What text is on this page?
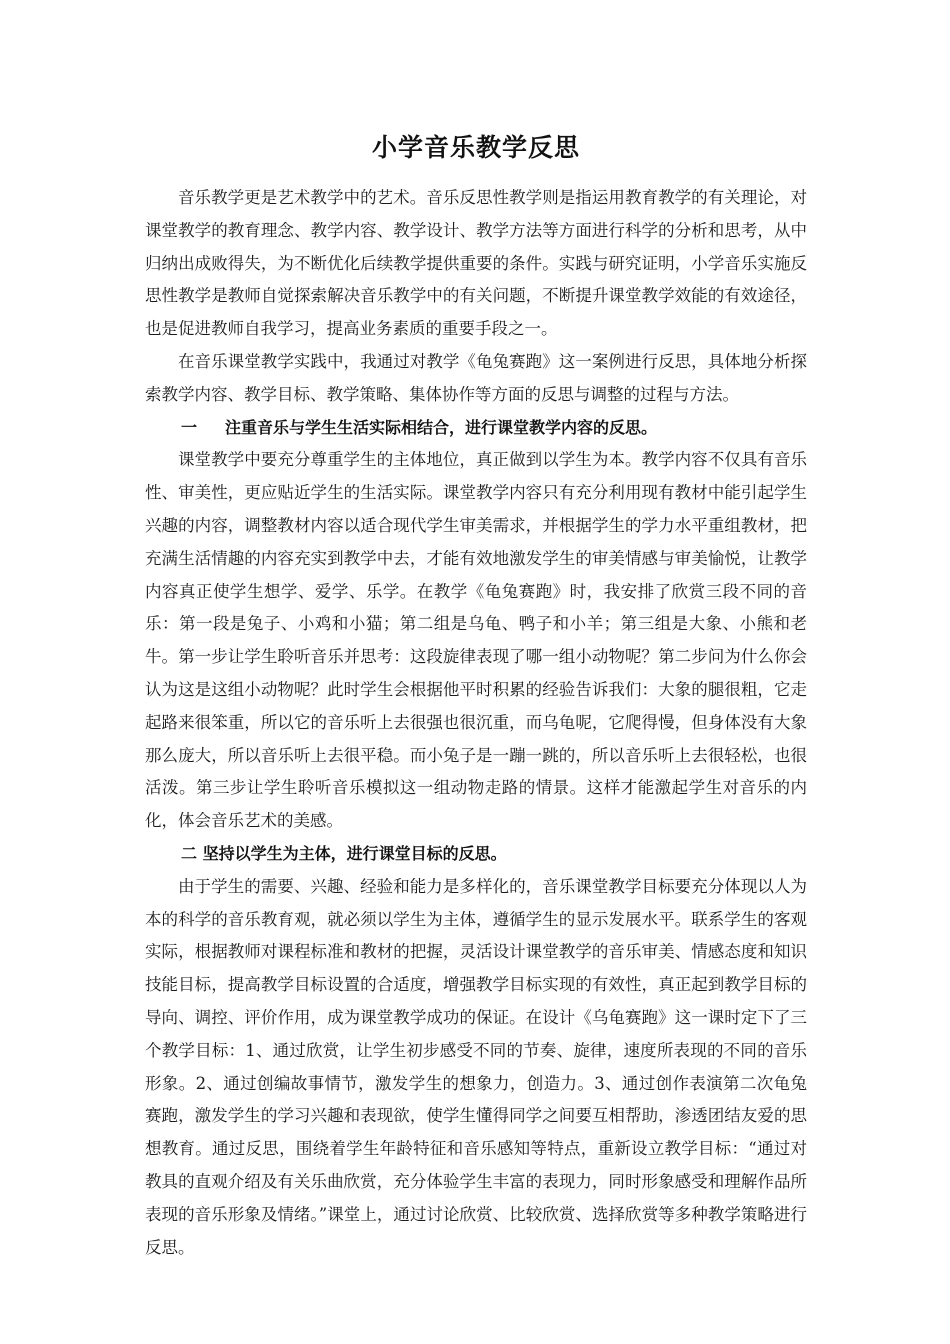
小学音乐教学反思

音乐教学更是艺术教学中的艺术。音乐反思性教学则是指运用教育教学的有关理论，对课堂教学的教育理念、教学内容、教学设计、教学方法等方面进行科学的分析和思考，从中归纳出成败得失，为不断优化后续教学提供重要的条件。实践与研究证明，小学音乐实施反思性教学是教师自觉探索解决音乐教学中的有关问题，不断提升课堂教学效能的有效途径，也是促进教师自我学习，提高业务素质的重要手段之一。

在音乐课堂教学实践中，我通过对教学《龟兔赛跑》这一案例进行反思，具体地分析探索教学内容、教学目标、教学策略、集体协作等方面的反思与调整的过程与方法。

一 注重音乐与学生生活实际相结合，进行课堂教学内容的反思。

课堂教学中要充分尊重学生的主体地位，真正做到以学生为本。教学内容不仅具有音乐性、审美性，更应贴近学生的生活实际。课堂教学内容只有充分利用现有教材中能引起学生兴趣的内容，调整教材内容以适合现代学生审美需求，并根据学生的学力水平重组教材，把充满生活情趣的内容充实到教学中去，才能有效地激发学生的审美情感与审美愉悦，让教学内容真正使学生想学、爱学、乐学。在教学《龟兔赛跑》时，我安排了欣赏三段不同的音乐：第一段是兔子、小鸡和小猫；第二组是乌龟、鸭子和小羊；第三组是大象、小熊和老牛。第一步让学生聆听音乐并思考：这段旋律表现了哪一组小动物呢？第二步问为什么你会认为这是这组小动物呢？此时学生会根据他平时积累的经验告诉我们：大象的腿很粗，它走起路来很笨重，所以它的音乐听上去很强也很沉重，而乌龟呢，它爬得慢，但身体没有大象那么庞大，所以音乐听上去很平稳。而小兔子是一蹦一跳的，所以音乐听上去很轻松，也很活泼。第三步让学生聆听音乐模拟这一组动物走路的情景。这样才能激起学生对音乐的内化，体会音乐艺术的美感。

二 坚持以学生为主体，进行课堂目标的反思。

由于学生的需要、兴趣、经验和能力是多样化的，音乐课堂教学目标要充分体现以人为本的科学的音乐教育观，就必须以学生为主体，遵循学生的显示发展水平。联系学生的客观实际，根据教师对课程标准和教材的把握，灵活设计课堂教学的音乐审美、情感态度和知识技能目标，提高教学目标设置的合适度，增强教学目标实现的有效性，真正起到教学目标的导向、调控、评价作用，成为课堂教学成功的保证。在设计《乌龟赛跑》这一课时定下了三个教学目标：1、通过欣赏，让学生初步感受不同的节奏、旋律，速度所表现的不同的音乐形象。2、通过创编故事情节，激发学生的想象力，创造力。3、通过创作表演第二次龟兔赛跑，激发学生的学习兴趣和表现欲，使学生懂得同学之间要互相帮助，渗透团结友爱的思想教育。通过反思，围绕着学生年龄特征和音乐感知等特点，重新设立教学目标：“通过对教具的直观介绍及有关乐曲欣赏，充分体验学生丰富的表现力，同时形象感受和理解作品所表现的音乐形象及情绪。”课堂上，通过讨论欣赏、比较欣赏、选择欣赏等多种教学策略进行反思。
